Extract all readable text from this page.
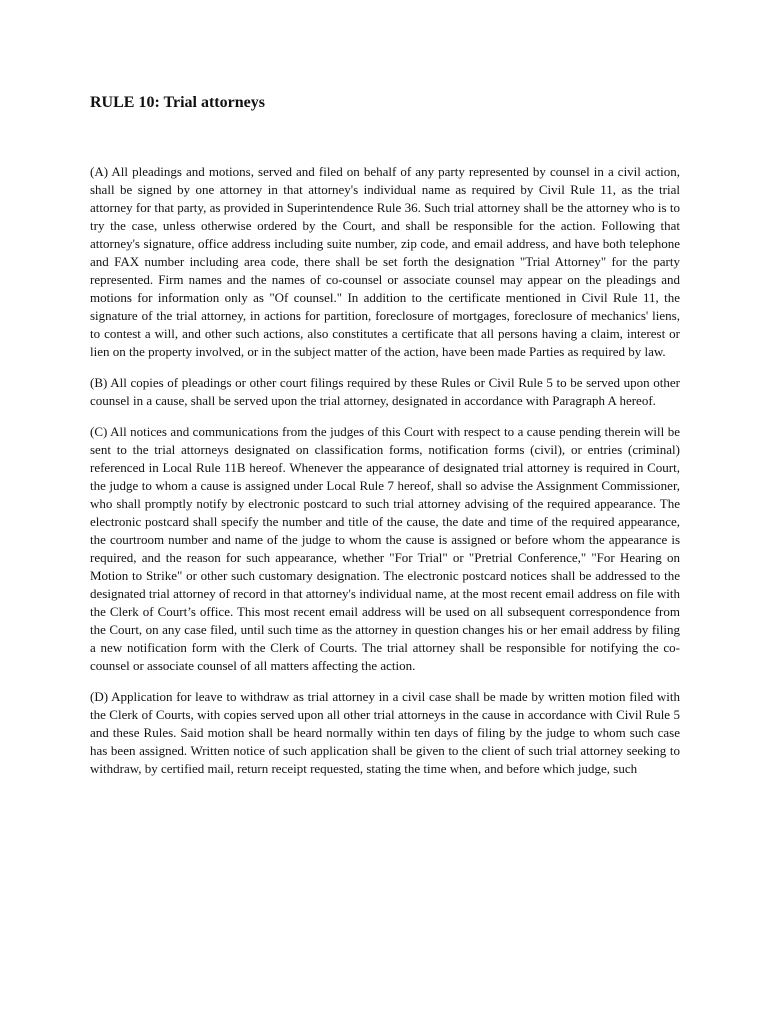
RULE 10: Trial attorneys

(A) All pleadings and motions, served and filed on behalf of any party represented by counsel in a civil action, shall be signed by one attorney in that attorney's individual name as required by Civil Rule 11, as the trial attorney for that party, as provided in Superintendence Rule 36. Such trial attorney shall be the attorney who is to try the case, unless otherwise ordered by the Court, and shall be responsible for the action. Following that attorney's signature, office address including suite number, zip code, and email address, and have both telephone and FAX number including area code, there shall be set forth the designation "Trial Attorney" for the party represented. Firm names and the names of co-counsel or associate counsel may appear on the pleadings and motions for information only as "Of counsel." In addition to the certificate mentioned in Civil Rule 11, the signature of the trial attorney, in actions for partition, foreclosure of mortgages, foreclosure of mechanics' liens, to contest a will, and other such actions, also constitutes a certificate that all persons having a claim, interest or lien on the property involved, or in the subject matter of the action, have been made Parties as required by law.

(B) All copies of pleadings or other court filings required by these Rules or Civil Rule 5 to be served upon other counsel in a cause, shall be served upon the trial attorney, designated in accordance with Paragraph A hereof.

(C) All notices and communications from the judges of this Court with respect to a cause pending therein will be sent to the trial attorneys designated on classification forms, notification forms (civil), or entries (criminal) referenced in Local Rule 11B hereof. Whenever the appearance of designated trial attorney is required in Court, the judge to whom a cause is assigned under Local Rule 7 hereof, shall so advise the Assignment Commissioner, who shall promptly notify by electronic postcard to such trial attorney advising of the required appearance. The electronic postcard shall specify the number and title of the cause, the date and time of the required appearance, the courtroom number and name of the judge to whom the cause is assigned or before whom the appearance is required, and the reason for such appearance, whether "For Trial" or "Pretrial Conference," "For Hearing on Motion to Strike" or other such customary designation. The electronic postcard notices shall be addressed to the designated trial attorney of record in that attorney's individual name, at the most recent email address on file with the Clerk of Court’s office. This most recent email address will be used on all subsequent correspondence from the Court, on any case filed, until such time as the attorney in question changes his or her email address by filing a new notification form with the Clerk of Courts. The trial attorney shall be responsible for notifying the co-counsel or associate counsel of all matters affecting the action.

(D) Application for leave to withdraw as trial attorney in a civil case shall be made by written motion filed with the Clerk of Courts, with copies served upon all other trial attorneys in the cause in accordance with Civil Rule 5 and these Rules. Said motion shall be heard normally within ten days of filing by the judge to whom such case has been assigned. Written notice of such application shall be given to the client of such trial attorney seeking to withdraw, by certified mail, return receipt requested, stating the time when, and before which judge, such
